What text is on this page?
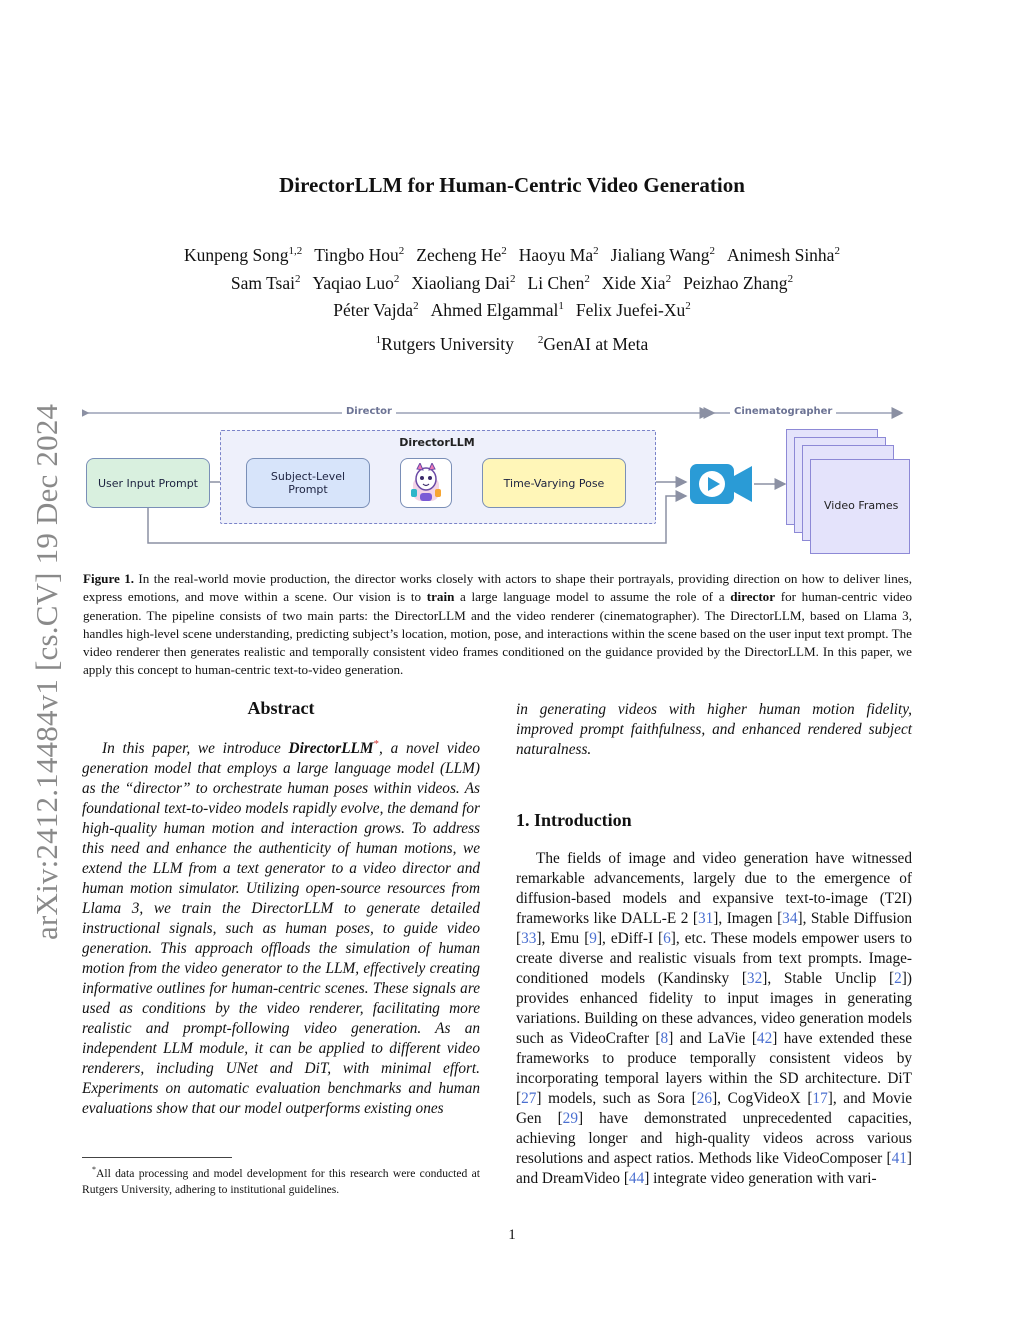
arXiv:2412.14484v1 [cs.CV] 19 Dec 2024
DirectorLLM for Human-Centric Video Generation
Kunpeng Song$^{1,2}$ Tingbo Hou$^2$ Zecheng He$^2$ Haoyu Ma$^2$ Jialiang Wang$^2$ Animesh Sinha$^2$
Sam Tsai$^2$ Yaqiao Luo$^2$ Xiaoliang Dai$^2$ Li Chen$^2$ Xide Xia$^2$ Peizhao Zhang$^2$
Péter Vajda$^2$ Ahmed Elgammal$^1$ Felix Juefei-Xu$^2$
$^1$Rutgers University $^2$GenAI at Meta
Director	Cinematographer
DirectorLLM
User Input Prompt	Subject-Level
Prompt	Time-Varying Pose
Video Frames
Figure 1. In the real-world movie production, the director works closely with actors to shape their portrayals, providing direction on how to deliver lines, express emotions, and move within a scene. Our vision is to train a large language model to assume the role of a director for human-centric video generation. The pipeline consists of two main parts: the DirectorLLM and the video renderer (cinematographer). The DirectorLLM, based on Llama 3, handles high-level scene understanding, predicting subject’s location, motion, pose, and interactions within the scene based on the user input text prompt. The video renderer then generates realistic and temporally consistent video frames conditioned on the guidance provided by the DirectorLLM. In this paper, we apply this concept to human-centric text-to-video generation.
Abstract

In this paper, we introduce DirectorLLM*, a novel video generation model that employs a large language model (LLM) as the “director” to orchestrate human poses within videos. As foundational text-to-video models rapidly evolve, the demand for high-quality human motion and interaction grows. To address this need and enhance the authenticity of human motions, we extend the LLM from a text generator to a video director and human motion simulator. Utilizing open-source resources from Llama 3, we train the DirectorLLM to generate detailed instructional signals, such as human poses, to guide video generation. This approach offloads the simulation of human motion from the video generator to the LLM, effectively creating informative outlines for human-centric scenes. These signals are used as conditions by the video renderer, facilitating more realistic and prompt-following video generation. As an independent LLM module, it can be applied to different video renderers, including UNet and DiT, with minimal effort. Experiments on automatic evaluation benchmarks and human evaluations show that our model outperforms existing ones

in generating videos with higher human motion fidelity, improved prompt faithfulness, and enhanced rendered subject naturalness.

1. Introduction

The fields of image and video generation have witnessed remarkable advancements, largely due to the emergence of diffusion-based models and expansive text-to-image (T2I) frameworks like DALL-E 2 [31], Imagen [34], Stable Diffusion [33], Emu [9], eDiff-I [6], etc. These models empower users to create diverse and realistic visuals from text prompts. Image-conditioned models (Kandinsky [32], Stable Unclip [2]) provides enhanced fidelity to input images in generating variations. Building on these advances, video generation models such as VideoCrafter [8] and LaVie [42] have extended these frameworks to produce temporally consistent videos by incorporating temporal layers within the SD architecture. DiT [27] models, such as Sora [26], CogVideoX [17], and Movie Gen [29] have demonstrated unprecedented capacities, achieving longer and high-quality videos across various resolutions and aspect ratios. Methods like VideoComposer [41] and DreamVideo [44] integrate video generation with vari-

*All data processing and model development for this research were conducted at Rutgers University, adhering to institutional guidelines.
1
